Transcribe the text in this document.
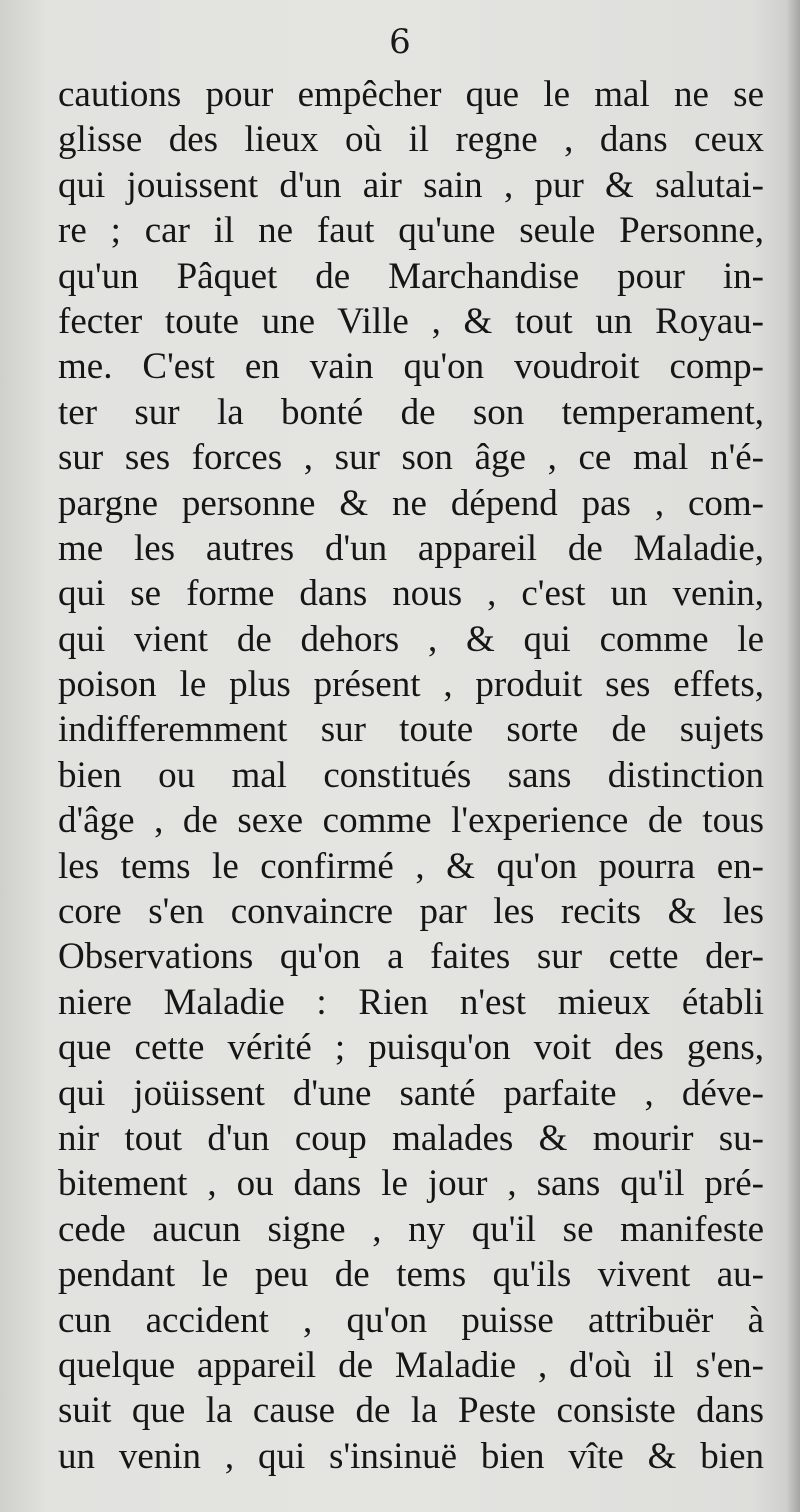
6
cautions pour empêcher que le mal ne se
glisse des lieux où il regne , dans ceux
qui jouissent d'un air sain , pur & salutai-
re ; car il ne faut qu'une seule Personne,
qu'un Pâquet de Marchandise pour in-
fecter toute une Ville , & tout un Royau-
me. C'est en vain qu'on voudroit comp-
ter sur la bonté de son temperament,
sur ses forces , sur son âge , ce mal n'é-
pargne personne & ne dépend pas , com-
me les autres d'un appareil de Maladie,
qui se forme dans nous , c'est un venin,
qui vient de dehors , & qui comme le
poison le plus présent , produit ses effets,
indifferemment sur toute sorte de sujets
bien ou mal constitués sans distinction
d'âge , de sexe comme l'experience de tous
les tems le confirmé , & qu'on pourra en-
core s'en convaincre par les recits & les
Observations qu'on a faites sur cette der-
niere Maladie : Rien n'est mieux établi
que cette vérité ; puisqu'on voit des gens,
qui joüissent d'une santé parfaite , déve-
nir tout d'un coup malades & mourir su-
bitement , ou dans le jour , sans qu'il pré-
cede aucun signe , ny qu'il se manifeste
pendant le peu de tems qu'ils vivent au-
cun accident , qu'on puisse attribuër à
quelque appareil de Maladie , d'où il s'en-
suit que la cause de la Peste consiste dans
un venin , qui s'insinuë bien vîte & bien
